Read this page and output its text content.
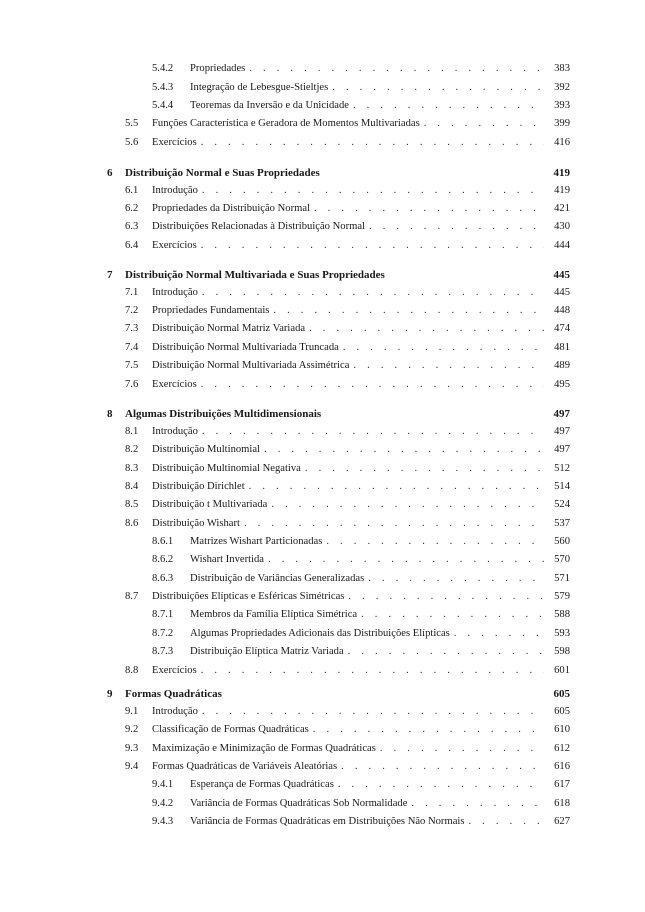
5.4.2 Propriedades . . .	383
5.4.3 Integração de Lebesgue-Stieltjes . . .	392
5.4.4 Teoremas da Inversão e da Unicidade . . .	393
5.5 Funções Característica e Geradora de Momentos Multivariadas . . .	399
5.6 Exercícios . . .	416
6 Distribuição Normal e Suas Propriedades	419
6.1 Introdução . . .	419
6.2 Propriedades da Distribuição Normal . . .	421
6.3 Distribuições Relacionadas à Distribuição Normal . . .	430
6.4 Exercícios . . .	444
7 Distribuição Normal Multivariada e Suas Propriedades	445
7.1 Introdução . . .	445
7.2 Propriedades Fundamentais . . .	448
7.3 Distribuição Normal Matriz Variada . . .	474
7.4 Distribuição Normal Multivariada Truncada . . .	481
7.5 Distribuição Normal Multivariada Assimétrica . . .	489
7.6 Exercícios . . .	495
8 Algumas Distribuições Multidimensionais	497
8.1 Introdução . . .	497
8.2 Distribuição Multinomial . . .	497
8.3 Distribuição Multinomial Negativa . . .	512
8.4 Distribuição Dirichlet . . .	514
8.5 Distribuição t Multivariada . . .	524
8.6 Distribuição Wishart . . .	537
8.6.1 Matrizes Wishart Particionadas . . .	560
8.6.2 Wishart Invertida . . .	570
8.6.3 Distribuição de Variâncias Generalizadas . . .	571
8.7 Distribuições Elípticas e Esféricas Simétricas . . .	579
8.7.1 Membros da Família Elíptica Simétrica . . .	588
8.7.2 Algumas Propriedades Adicionais das Distribuições Elípticas . . .	593
8.7.3 Distribuição Elíptica Matriz Variada . . .	598
8.8 Exercícios . . .	601
9 Formas Quadráticas	605
9.1 Introdução . . .	605
9.2 Classificação de Formas Quadráticas . . .	610
9.3 Maximização e Minimização de Formas Quadráticas . . .	612
9.4 Formas Quadráticas de Variáveis Aleatórias . . .	616
9.4.1 Esperança de Formas Quadráticas . . .	617
9.4.2 Variância de Formas Quadráticas Sob Normalidade . . .	618
9.4.3 Variância de Formas Quadráticas em Distribuições Não Normais . . .	627
